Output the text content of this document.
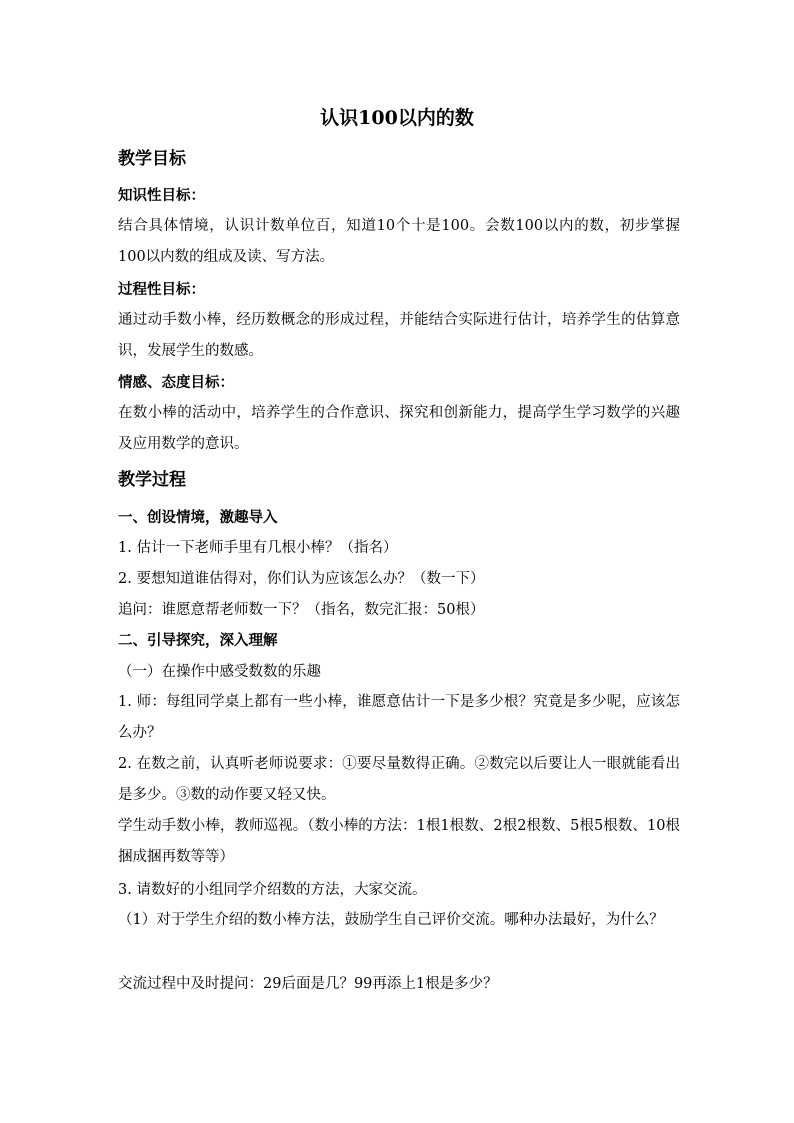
认识100以内的数
教学目标
知识性目标：
结合具体情境，认识计数单位百，知道10个十是100。会数100以内的数，初步掌握100以内数的组成及读、写方法。
过程性目标：
通过动手数小棒，经历数概念的形成过程，并能结合实际进行估计，培养学生的估算意识，发展学生的数感。
情感、态度目标：
在数小棒的活动中，培养学生的合作意识、探究和创新能力，提高学生学习数学的兴趣及应用数学的意识。
教学过程
一、创设情境，激趣导入
1. 估计一下老师手里有几根小棒？（指名）
2. 要想知道谁估得对，你们认为应该怎么办？（数一下）
追问：谁愿意帮老师数一下？（指名，数完汇报：50根）
二、引导探究，深入理解
（一）在操作中感受数数的乐趣
1. 师：每组同学桌上都有一些小棒，谁愿意估计一下是多少根？究竟是多少呢，应该怎么办？
2. 在数之前，认真听老师说要求：①要尽量数得正确。②数完以后要让人一眼就能看出是多少。③数的动作要又轻又快。
学生动手数小棒，教师巡视。（数小棒的方法：1根1根数、2根2根数、5根5根数、10根捆成捆再数等等）
3. 请数好的小组同学介绍数的方法，大家交流。
（1）对于学生介绍的数小棒方法，鼓励学生自己评价交流。哪种办法最好，为什么？
交流过程中及时提问：29后面是几？99再添上1根是多少？
